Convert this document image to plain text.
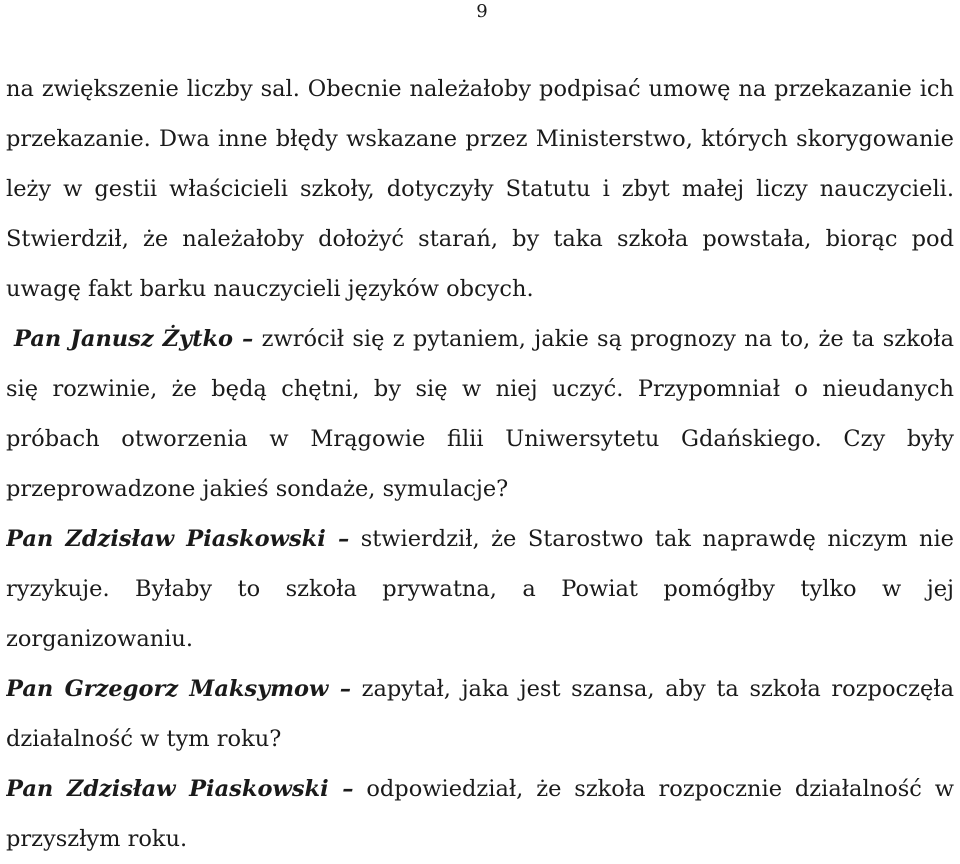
9
na zwiększenie liczby sal. Obecnie należałoby podpisać umowę na przekazanie ich
przekazanie. Dwa inne błędy wskazane przez Ministerstwo, których skorygowanie
leży w gestii właścicieli szkoły, dotyczyły Statutu i zbyt małej liczy nauczycieli.
Stwierdził, że należałoby dołożyć starań, by taka szkoła powstała, biorąc pod
uwagę fakt barku nauczycieli języków obcych.
Pan Janusz Żytko – zwrócił się z pytaniem, jakie są prognozy na to, że ta szkoła
się rozwinie, że będą chętni, by się w niej uczyć. Przypomniał o nieudanych
próbach otworzenia w Mrągowie filii Uniwersytetu Gdańskiego. Czy były
przeprowadzone jakieś sondaże, symulacje?
Pan Zdzisław Piaskowski – stwierdził, że Starostwo tak naprawdę niczym nie
ryzykuje. Byłaby to szkoła prywatna, a Powiat pomógłby tylko w jej
zorganizowaniu.
Pan Grzegorz Maksymow – zapytał, jaka jest szansa, aby ta szkoła rozpoczęła
działalność w tym roku?
Pan Zdzisław Piaskowski – odpowiedział, że szkoła rozpocznie działalność w
przyszłym roku.
